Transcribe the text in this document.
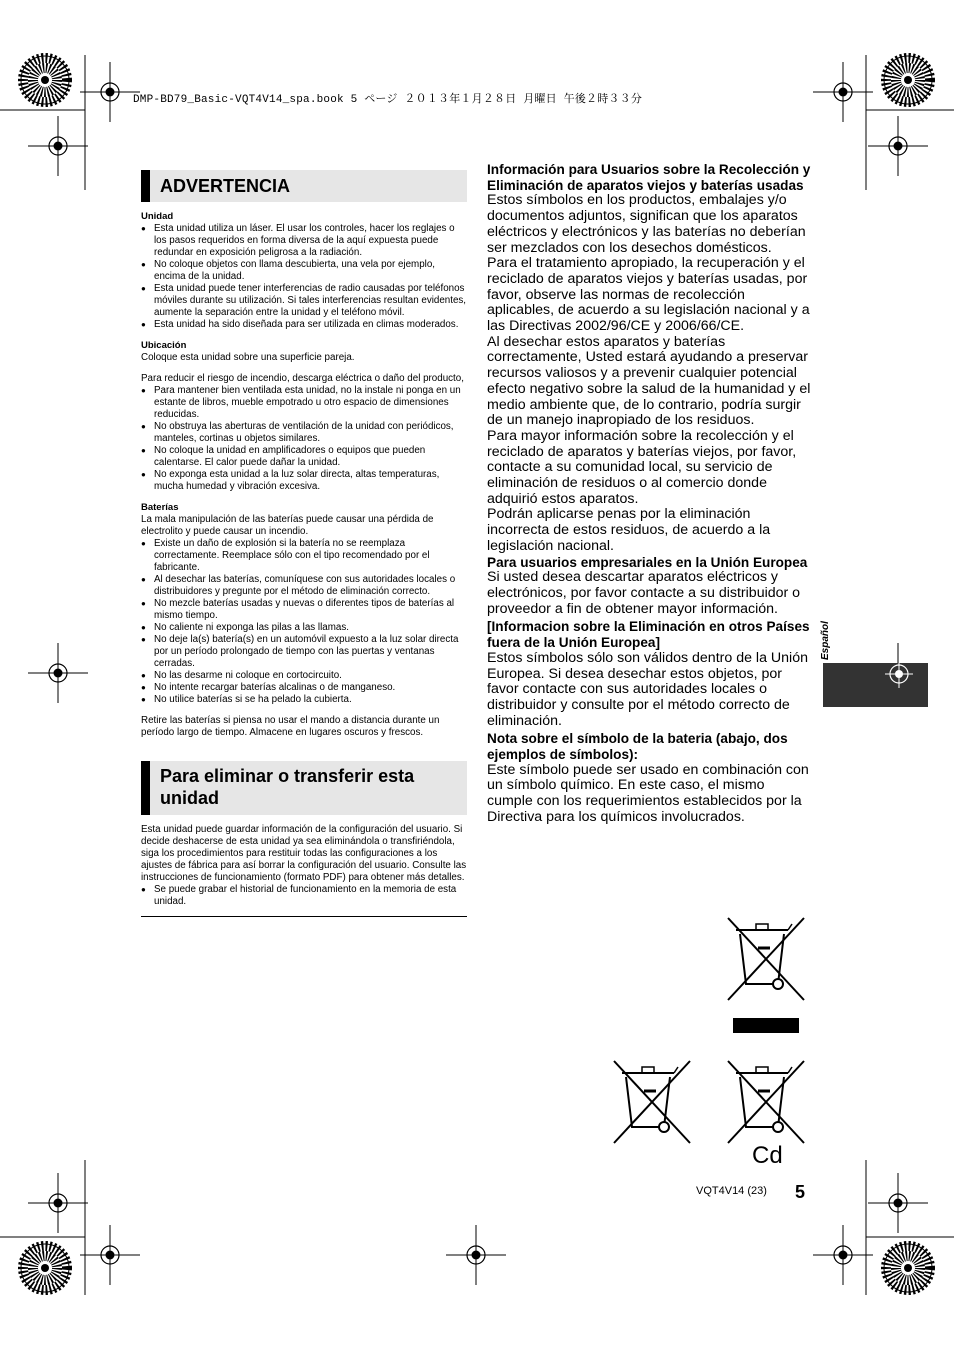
DMP-BD79_Basic-VQT4V14_spa.book 5 ページ ２０１３年１月２８日 月曜日 午後２時３３分
ADVERTENCIA

Unidad

● Esta unidad utiliza un láser. El usar los controles, hacer los reglajes o los pasos requeridos en forma diversa de la aquí expuesta puede redundar en exposición peligrosa a la radiación.
● No coloque objetos con llama descubierta, una vela por ejemplo, encima de la unidad.
● Esta unidad puede tener interferencias de radio causadas por teléfonos móviles durante su utilización. Si tales interferencias resultan evidentes, aumente la separación entre la unidad y el teléfono móvil.
● Esta unidad ha sido diseñada para ser utilizada en climas moderados.

Ubicación

Coloque esta unidad sobre una superficie pareja.

Para reducir el riesgo de incendio, descarga eléctrica o daño del producto,

● Para mantener bien ventilada esta unidad, no la instale ni ponga en un estante de libros, mueble empotrado u otro espacio de dimensiones reducidas.
● No obstruya las aberturas de ventilación de la unidad con periódicos, manteles, cortinas u objetos similares.
● No coloque la unidad en amplificadores o equipos que pueden calentarse. El calor puede dañar la unidad.
● No exponga esta unidad a la luz solar directa, altas temperaturas, mucha humedad y vibración excesiva.

Baterías

La mala manipulación de las baterías puede causar una pérdida de electrolito y puede causar un incendio.

● Existe un daño de explosión si la batería no se reemplaza correctamente. Reemplace sólo con el tipo recomendado por el fabricante.
● Al desechar las baterías, comuníquese con sus autoridades locales o distribuidores y pregunte por el método de eliminación correcto.
● No mezcle baterías usadas y nuevas o diferentes tipos de baterías al mismo tiempo.
● No caliente ni exponga las pilas a las llamas.
● No deje la(s) batería(s) en un automóvil expuesto a la luz solar directa por un período prolongado de tiempo con las puertas y ventanas cerradas.
● No las desarme ni coloque en cortocircuito.
● No intente recargar baterías alcalinas o de manganeso.
● No utilice baterías si se ha pelado la cubierta.

Retire las baterías si piensa no usar el mando a distancia durante un período largo de tiempo. Almacene en lugares oscuros y frescos.

Para eliminar o transferir esta
unidad

Esta unidad puede guardar información de la configuración del usuario. Si decide deshacerse de esta unidad ya sea eliminándola o transfiriéndola, siga los procedimientos para restituir todas las configuraciones a los ajustes de fábrica para así borrar la configuración del usuario. Consulte las instrucciones de funcionamiento (formato PDF) para obtener más detalles.

● Se puede grabar el historial de funcionamiento en la memoria de esta unidad.

Información para Usuarios sobre la Recolección y Eliminación de aparatos viejos y baterías usadas

Estos símbolos en los productos, embalajes y/o documentos adjuntos, significan que los aparatos eléctricos y electrónicos y las baterías no deberían ser mezclados con los desechos domésticos.

Para el tratamiento apropiado, la recuperación y el reciclado de aparatos viejos y baterías usadas, por favor, observe las normas de recolección aplicables, de acuerdo a su legislación nacional y a las Directivas 2002/96/CE y 2006/66/CE.

Al desechar estos aparatos y baterías correctamente, Usted estará ayudando a preservar recursos valiosos y a prevenir cualquier potencial efecto negativo sobre la salud de la humanidad y el medio ambiente que, de lo contrario, podría surgir de un manejo inapropiado de los residuos.

Para mayor información sobre la recolección y el reciclado de aparatos y baterías viejos, por favor, contacte a su comunidad local, su servicio de eliminación de residuos o al comercio donde adquirió estos aparatos.

Podrán aplicarse penas por la eliminación incorrecta de estos residuos, de acuerdo a la legislación nacional.

Para usuarios empresariales en la Unión Europea

Si usted desea descartar aparatos eléctricos y electrónicos, por favor contacte a su distribuidor o proveedor a fin de obtener mayor información.

[Informacion sobre la Eliminación en otros Países fuera de la Unión Europea]

Estos símbolos sólo son válidos dentro de la Unión Europea. Si desea desechar estos objetos, por favor contacte con sus autoridades locales o distribuidor y consulte por el método correcto de eliminación.

Nota sobre el símbolo de la bateria (abajo, dos ejemplos de símbolos):

Este símbolo puede ser usado en combinación con un símbolo químico. En este caso, el mismo cumple con los requerimientos establecidos por la Directiva para los químicos involucrados.

Cd
Español
VQT4V14 (23) 5
